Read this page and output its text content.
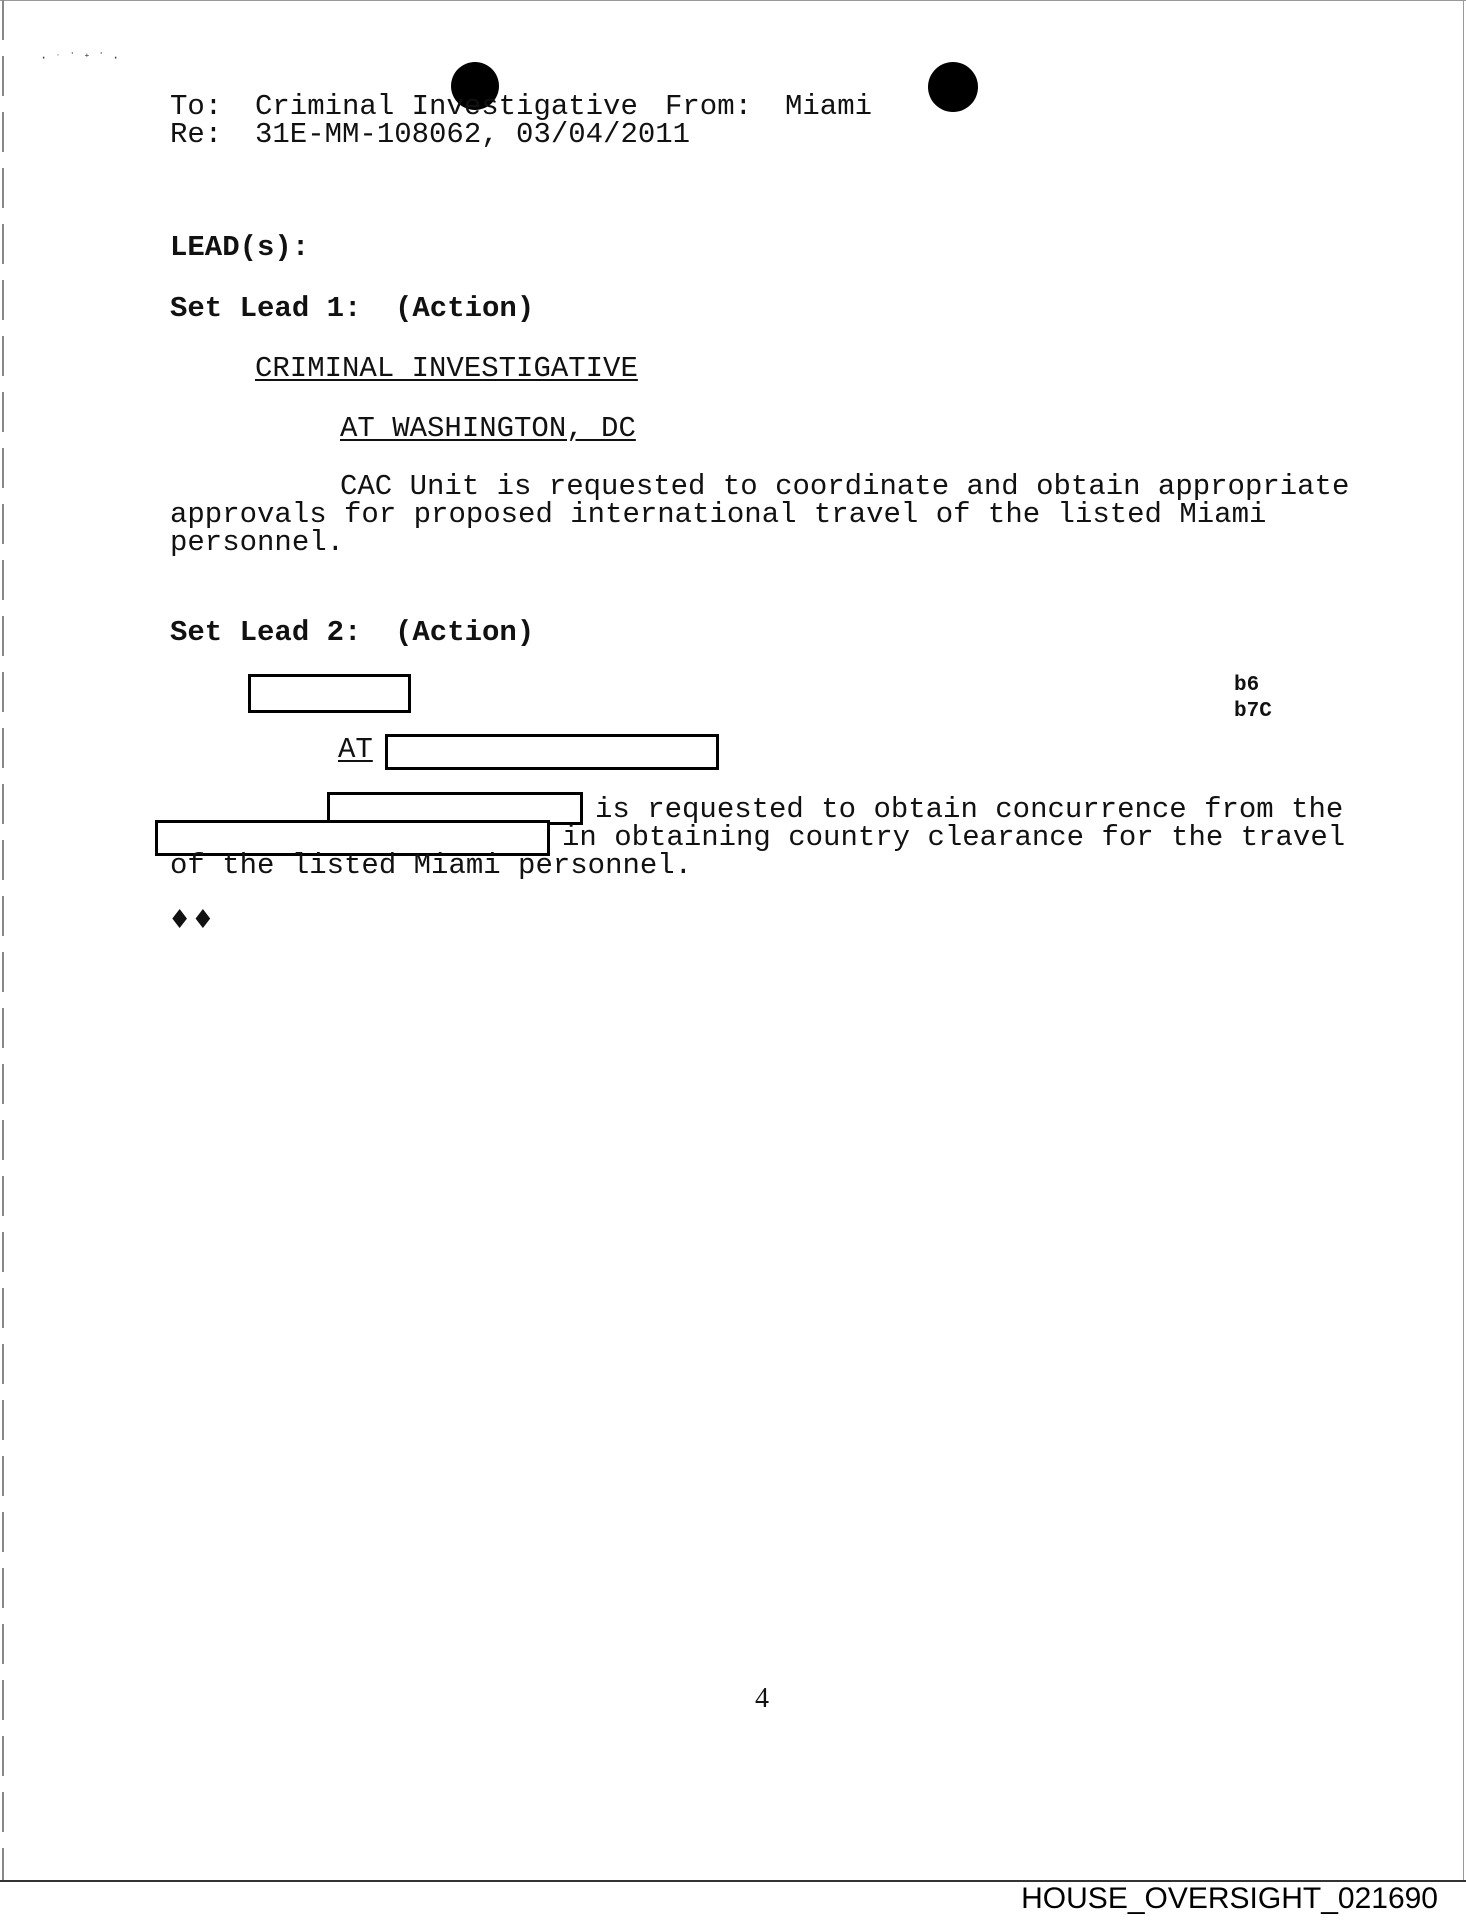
· ˑ ˙ ⁺ ˙ ·
To: Criminal Investigative From: Miami
Re: 31E-MM-108062, 03/04/2011
LEAD(s):
Set Lead 1: (Action)
CRIMINAL INVESTIGATIVE
AT WASHINGTON, DC
CAC Unit is requested to coordinate and obtain appropriate
approvals for proposed international travel of the listed Miami
personnel.
Set Lead 2: (Action)
b6
b7C
AT
is requested to obtain concurrence from the
in obtaining country clearance for the travel
of the listed Miami personnel.
♦♦
4
HOUSE_OVERSIGHT_021690
